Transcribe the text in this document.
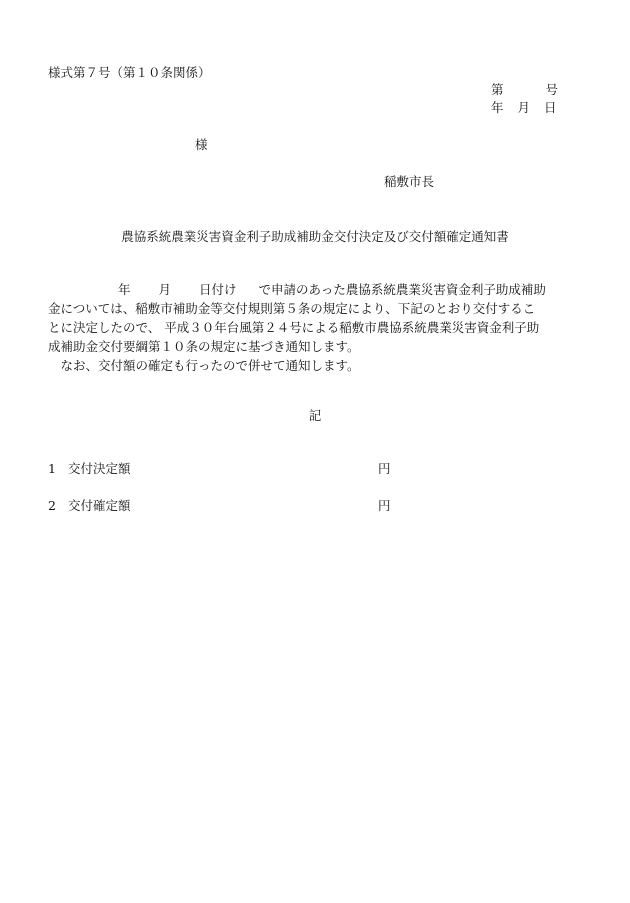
様式第７号（第１０条関係）
第	号
年 月 日
様
稲敷市長
農協系統農業災害資金利子助成補助金交付決定及び交付額確定通知書
年 月 日付け で申請のあった農協系統農業災害資金利子助成補助
金については、稲敷市補助金等交付規則第５条の規定により、下記のとおり交付するこ
とに決定したので、 平成３０年台風第２４号による稲敷市農協系統農業災害資金利子助
成補助金交付要綱第１０条の規定に基づき通知します。
　なお、交付額の確定も行ったので併せて通知します。
記
1 交付決定額	円
2 交付確定額	円
